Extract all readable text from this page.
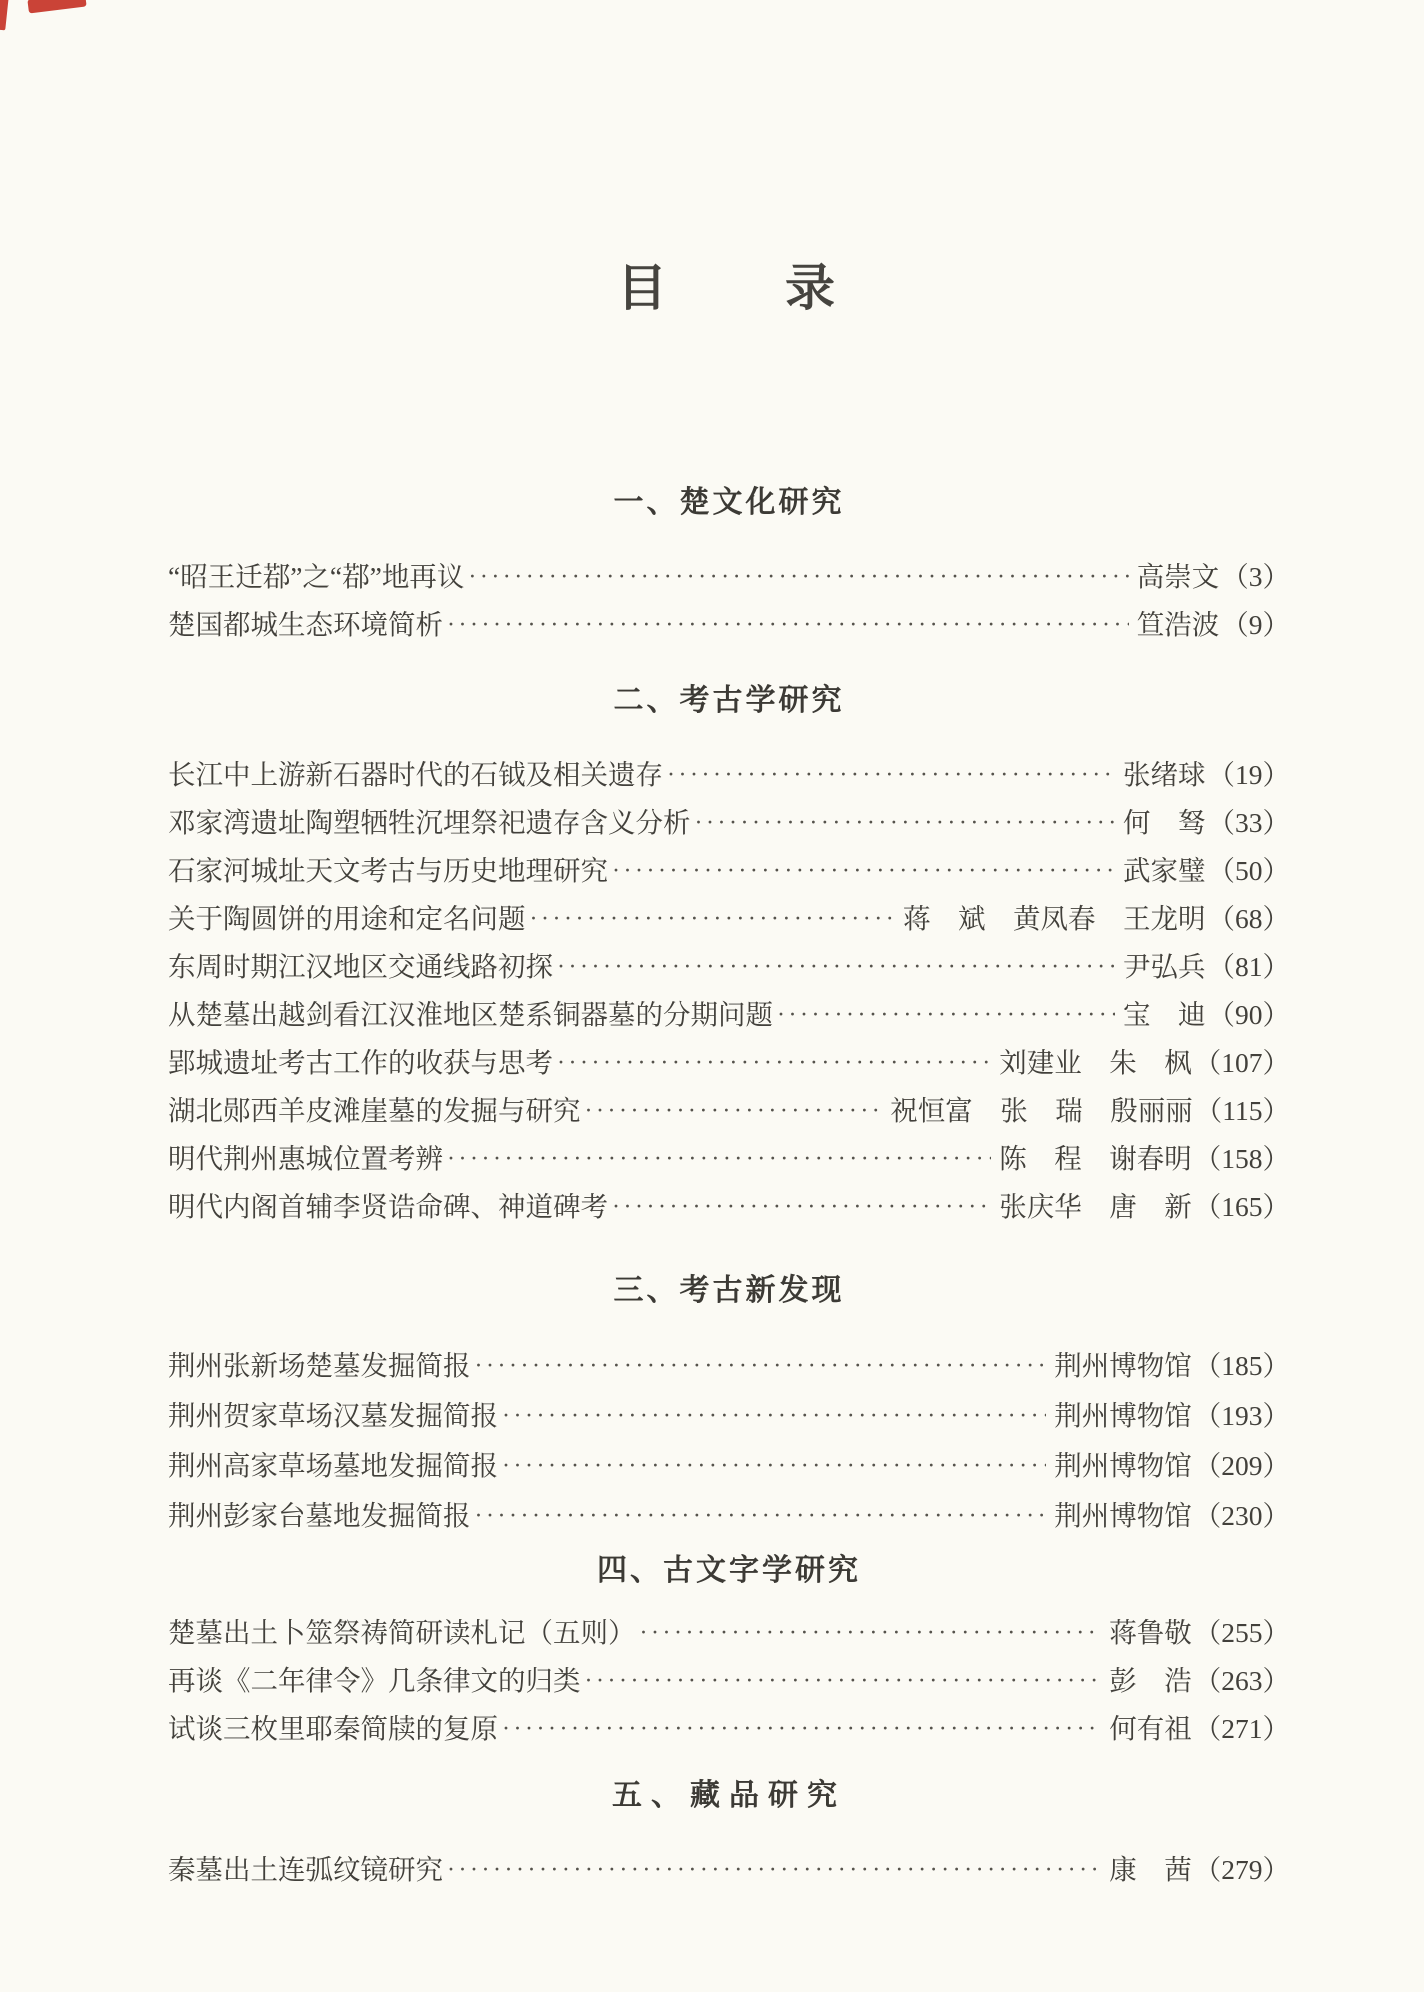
目　　录
一、楚文化研究
“昭王迁鄀”之“鄀”地再议 ·····	高崇文 （3）
楚国都城生态环境简析 ·····	笪浩波 （9）
二、考古学研究
长江中上游新石器时代的石钺及相关遗存 ·····	张绪球 （19）
邓家湾遗址陶塑牺牲沉埋祭祀遗存含义分析 ·····	何　驽 （33）
石家河城址天文考古与历史地理研究 ·····	武家璧 （50）
关于陶圆饼的用途和定名问题 ·····	蒋　斌　黄凤春　王龙明 （68）
东周时期江汉地区交通线路初探 ·····	尹弘兵 （81）
从楚墓出越剑看江汉淮地区楚系铜器墓的分期问题 ·····	宝　迪 （90）
郢城遗址考古工作的收获与思考 ·····	刘建业　朱　枫 （107）
湖北郧西羊皮滩崖墓的发掘与研究 ·····	祝恒富　张　瑞　殷丽丽 （115）
明代荆州惠城位置考辨 ·····	陈　程　谢春明 （158）
明代内阁首辅李贤诰命碑、神道碑考 ·····	张庆华　唐　新 （165）
三、考古新发现
荆州张新场楚墓发掘简报 ·····	荆州博物馆 （185）
荆州贺家草场汉墓发掘简报 ·····	荆州博物馆 （193）
荆州高家草场墓地发掘简报 ·····	荆州博物馆 （209）
荆州彭家台墓地发掘简报 ·····	荆州博物馆 （230）
四、古文字学研究
楚墓出土卜筮祭祷简研读札记（五则） ·····	蒋鲁敬 （255）
再谈《二年律令》几条律文的归类 ·····	彭　浩 （263）
试谈三枚里耶秦简牍的复原 ·····	何有祖 （271）
五、藏品研究
秦墓出土连弧纹镜研究 ·····	康　茜 （279）
